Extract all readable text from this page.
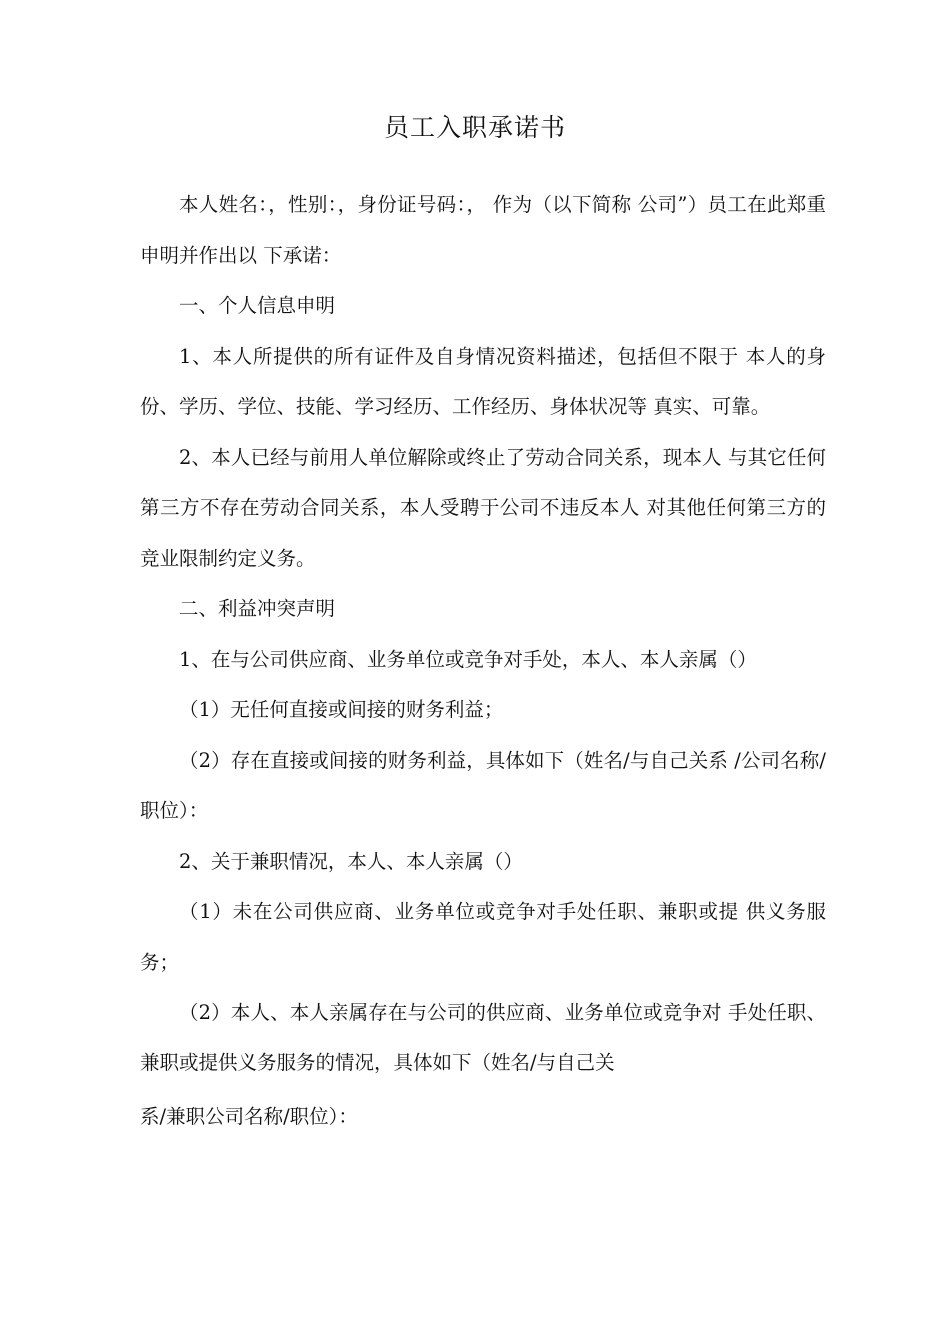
员工入职承诺书

本人姓名：，性别：，身份证号码：， 作为（以下简称 公司”）员工在此郑重申明并作出以 下承诺：

一、个人信息申明

1、本人所提供的所有证件及自身情况资料描述，包括但不限于 本人的身份、学历、学位、技能、学习经历、工作经历、身体状况等 真实、可靠。

2、本人已经与前用人单位解除或终止了劳动合同关系，现本人 与其它任何第三方不存在劳动合同关系，本人受聘于公司不违反本人 对其他任何第三方的竞业限制约定义务。

二、利益冲突声明

1、在与公司供应商、业务单位或竞争对手处，本人、本人亲属（）

（1）无任何直接或间接的财务利益；

（2）存在直接或间接的财务利益，具体如下（姓名/与自己关系 /公司名称/职位）：

2、关于兼职情况，本人、本人亲属（）

（1）未在公司供应商、业务单位或竞争对手处任职、兼职或提 供义务服务；

（2）本人、本人亲属存在与公司的供应商、业务单位或竞争对 手处任职、兼职或提供义务服务的情况，具体如下（姓名/与自己关

系/兼职公司名称/职位）：
